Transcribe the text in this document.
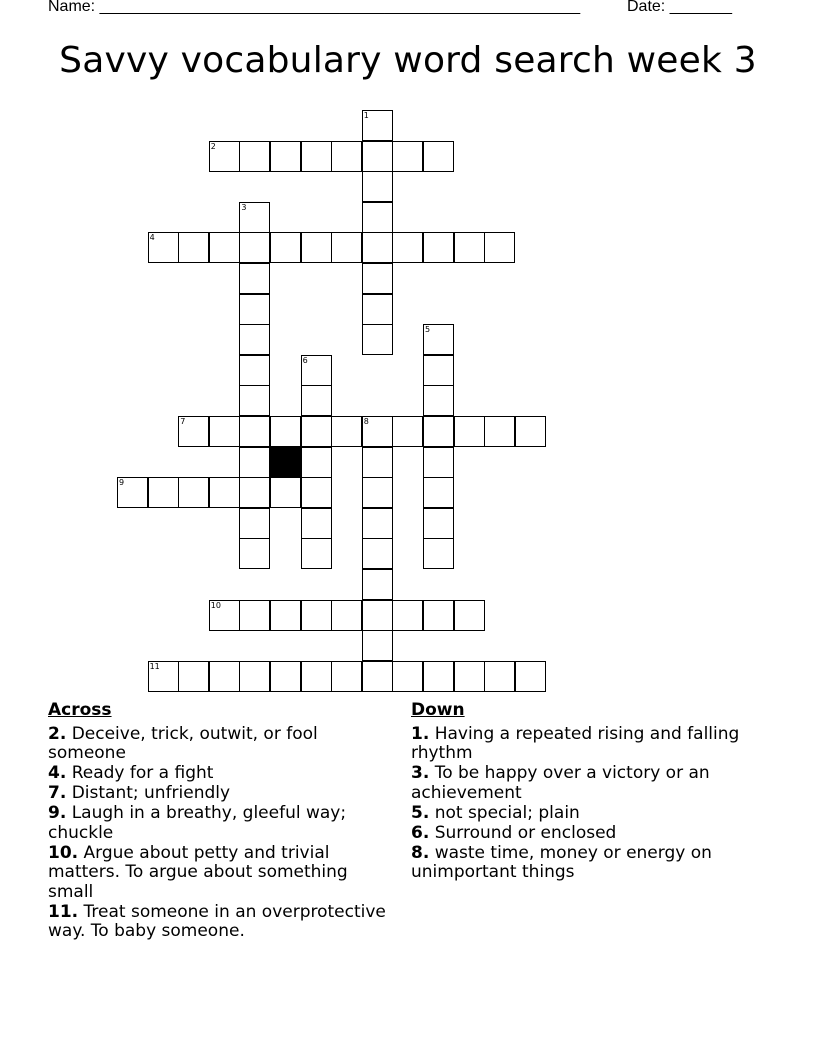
Name: ______________________________________________________	Date: _______
Savvy vocabulary word search week 3
1
2
3
4
6
5
7	8
9
10
11
Across
2. Deceive, trick, outwit, or fool someone
4. Ready for a fight
7. Distant; unfriendly
9. Laugh in a breathy, gleeful way; chuckle
10. Argue about petty and trivial matters. To argue about something small
11. Treat someone in an overprotective way. To baby someone.
Down
1. Having a repeated rising and falling rhythm
3. To be happy over a victory or an achievement
5. not special; plain
6. Surround or enclosed
8. waste time, money or energy on unimportant things
